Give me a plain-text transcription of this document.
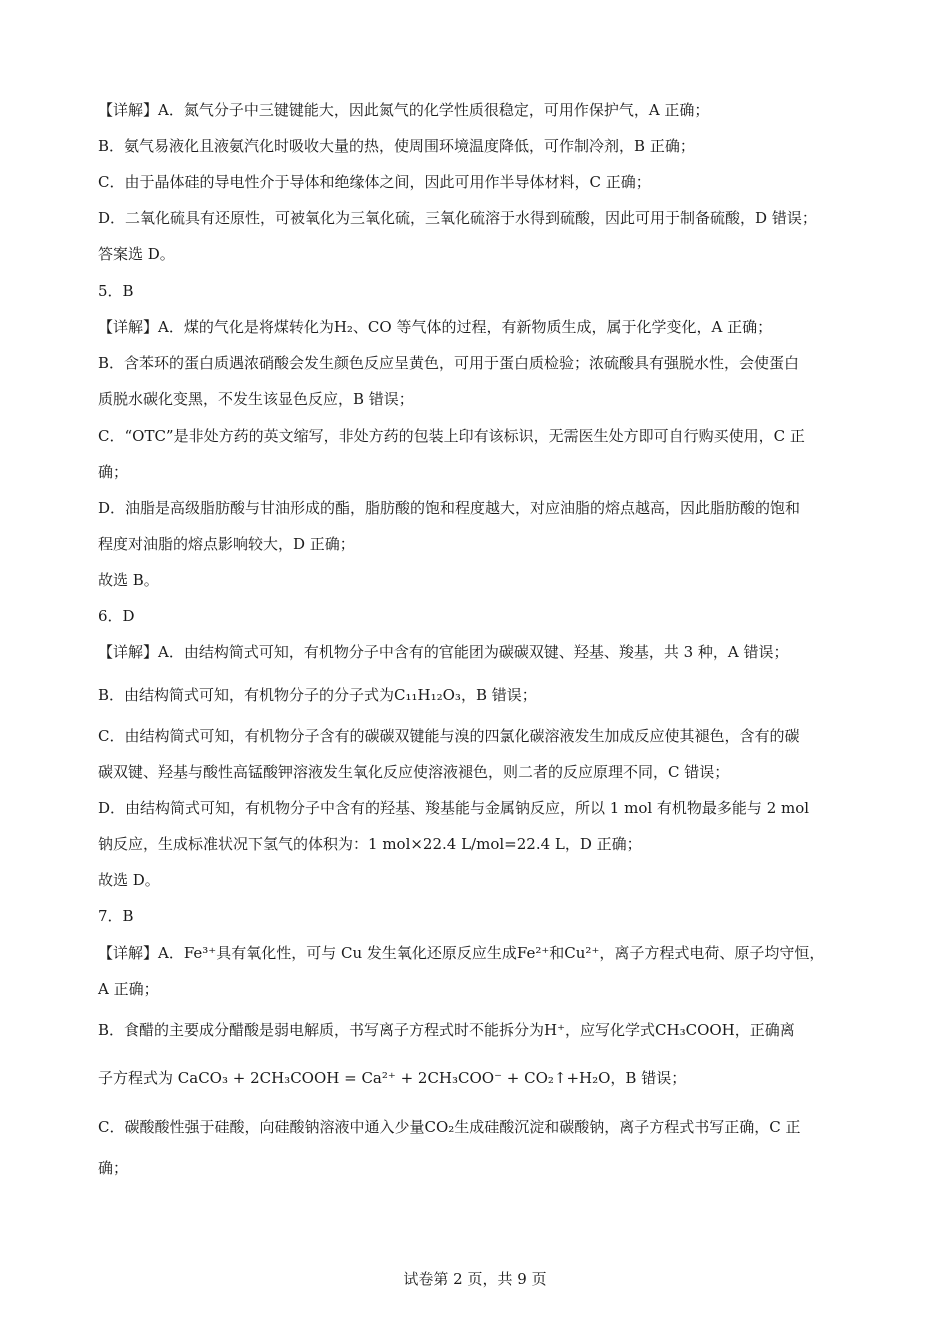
【详解】A．氮气分子中三键键能大，因此氮气的化学性质很稳定，可用作保护气，A 正确；
B．氨气易液化且液氨汽化时吸收大量的热，使周围环境温度降低，可作制冷剂，B 正确；
C．由于晶体硅的导电性介于导体和绝缘体之间，因此可用作半导体材料，C 正确；
D．二氧化硫具有还原性，可被氧化为三氧化硫，三氧化硫溶于水得到硫酸，因此可用于制备硫酸，D 错误；
答案选 D。
5．B
【详解】A．煤的气化是将煤转化为H₂、CO 等气体的过程，有新物质生成，属于化学变化，A 正确；
B．含苯环的蛋白质遇浓硝酸会发生颜色反应呈黄色，可用于蛋白质检验；浓硫酸具有强脱水性，会使蛋白
质脱水碳化变黑，不发生该显色反应，B 错误；
C．“OTC”是非处方药的英文缩写，非处方药的包装上印有该标识，无需医生处方即可自行购买使用，C 正
确；
D．油脂是高级脂肪酸与甘油形成的酯，脂肪酸的饱和程度越大，对应油脂的熔点越高，因此脂肪酸的饱和
程度对油脂的熔点影响较大，D 正确；
故选 B。
6．D
【详解】A．由结构简式可知，有机物分子中含有的官能团为碳碳双键、羟基、羧基，共 3 种，A 错误；
B．由结构简式可知，有机物分子的分子式为C₁₁H₁₂O₃，B 错误；
C．由结构简式可知，有机物分子含有的碳碳双键能与溴的四氯化碳溶液发生加成反应使其褪色，含有的碳
碳双键、羟基与酸性高锰酸钾溶液发生氧化反应使溶液褪色，则二者的反应原理不同，C 错误；
D．由结构简式可知，有机物分子中含有的羟基、羧基能与金属钠反应，所以 1 mol 有机物最多能与 2 mol
钠反应，生成标准状况下氢气的体积为：1 mol×22.4 L/mol=22.4 L，D 正确；
故选 D。
7．B
【详解】A．Fe³⁺具有氧化性，可与 Cu 发生氧化还原反应生成Fe²⁺和Cu²⁺，离子方程式电荷、原子均守恒，
A 正确；
B．食醋的主要成分醋酸是弱电解质，书写离子方程式时不能拆分为H⁺，应写化学式CH₃COOH，正确离
子方程式为 CaCO₃ + 2CH₃COOH = Ca²⁺ + 2CH₃COO⁻ + CO₂↑+H₂O，B 错误；
C．碳酸酸性强于硅酸，向硅酸钠溶液中通入少量CO₂生成硅酸沉淀和碳酸钠，离子方程式书写正确，C 正
确；
试卷第 2 页，共 9 页
